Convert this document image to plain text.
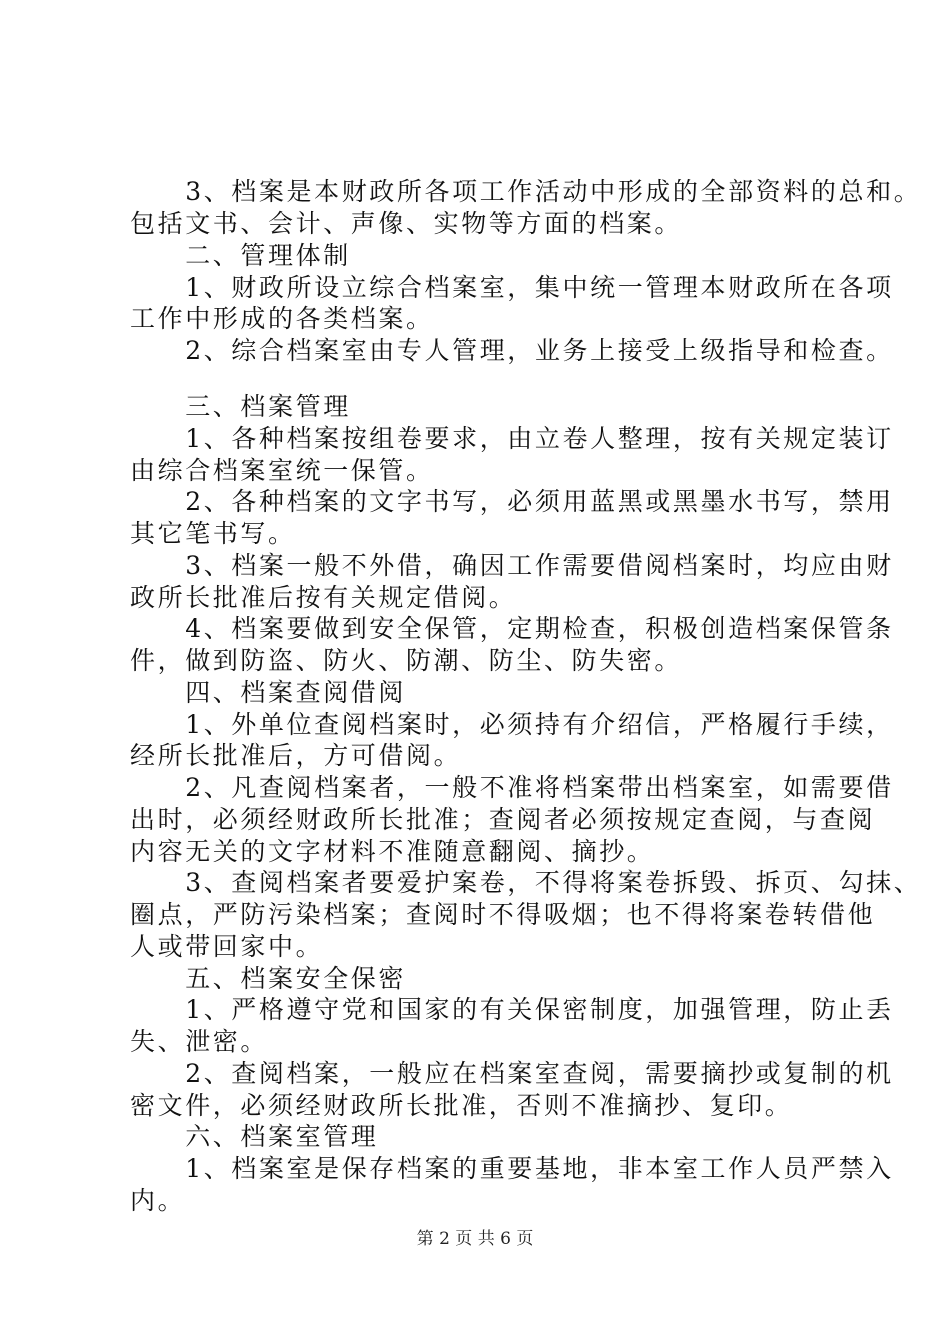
　　3、档案是本财政所各项工作活动中形成的全部资料的总和。
包括文书、会计、声像、实物等方面的档案。
　　二、管理体制
　　1、财政所设立综合档案室，集中统一管理本财政所在各项
工作中形成的各类档案。
　　2、综合档案室由专人管理，业务上接受上级指导和检查。
　　三、档案管理
　　1、各种档案按组卷要求，由立卷人整理，按有关规定装订
由综合档案室统一保管。
　　2、各种档案的文字书写，必须用蓝黑或黑墨水书写，禁用
其它笔书写。
　　3、档案一般不外借，确因工作需要借阅档案时，均应由财
政所长批准后按有关规定借阅。
　　4、档案要做到安全保管，定期检查，积极创造档案保管条
件，做到防盗、防火、防潮、防尘、防失密。
　　四、档案查阅借阅
　　1、外单位查阅档案时，必须持有介绍信，严格履行手续，
经所长批准后，方可借阅。
　　2、凡查阅档案者，一般不准将档案带出档案室，如需要借
出时，必须经财政所长批准；查阅者必须按规定查阅，与查阅
内容无关的文字材料不准随意翻阅、摘抄。
　　3、查阅档案者要爱护案卷，不得将案卷拆毁、拆页、勾抹、
圈点，严防污染档案；查阅时不得吸烟；也不得将案卷转借他
人或带回家中。
　　五、档案安全保密
　　1、严格遵守党和国家的有关保密制度，加强管理，防止丢
失、泄密。
　　2、查阅档案，一般应在档案室查阅，需要摘抄或复制的机
密文件，必须经财政所长批准，否则不准摘抄、复印。
　　六、档案室管理
　　1、档案室是保存档案的重要基地，非本室工作人员严禁入
内。
第 2 页 共 6 页
